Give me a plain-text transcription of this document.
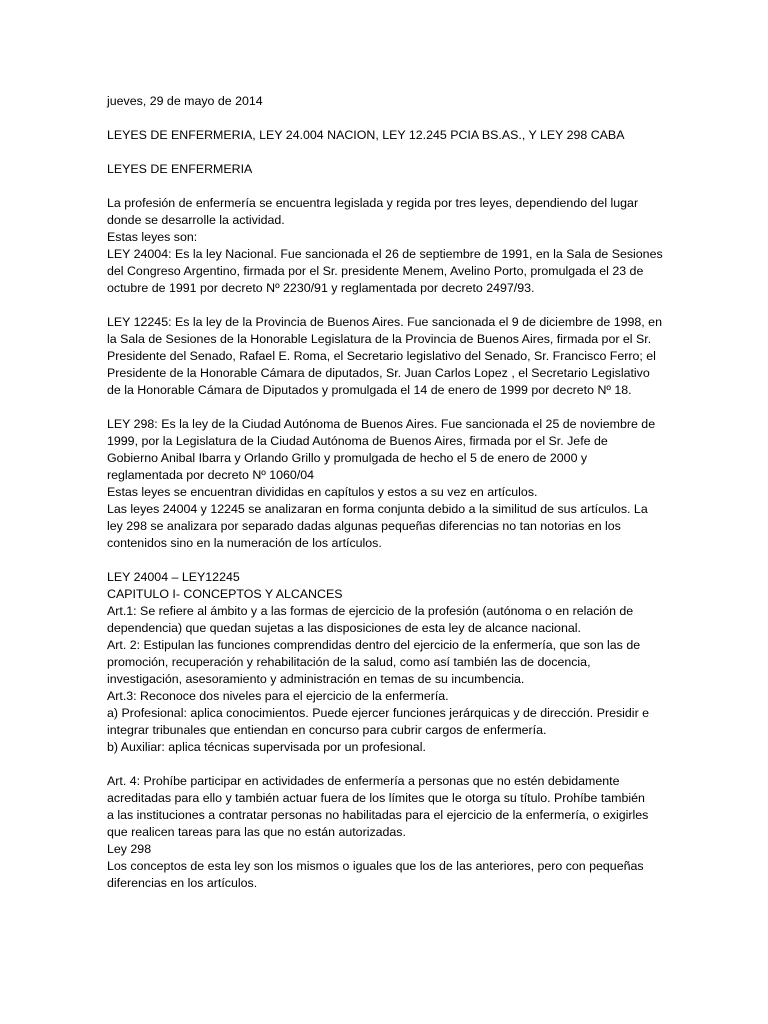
jueves, 29 de mayo de 2014

LEYES DE ENFERMERIA, LEY 24.004 NACION, LEY 12.245 PCIA BS.AS., Y LEY 298 CABA

LEYES DE ENFERMERIA

La profesión de enfermería se encuentra legislada y regida por tres leyes, dependiendo del lugar

donde se desarrolle la actividad.

Estas leyes son:

LEY 24004: Es la ley Nacional. Fue sancionada el 26 de septiembre de 1991, en la Sala de Sesiones

del Congreso Argentino, firmada por el Sr. presidente Menem, Avelino Porto, promulgada el 23 de

octubre de 1991 por decreto Nº 2230/91 y reglamentada por decreto 2497/93.

LEY 12245: Es la ley de la Provincia de Buenos Aires. Fue sancionada el 9 de diciembre de 1998, en

la Sala de Sesiones de la Honorable Legislatura de la Provincia de Buenos Aires, firmada por el Sr.

Presidente del Senado, Rafael E. Roma, el Secretario legislativo del Senado, Sr. Francisco Ferro; el

Presidente de la Honorable Cámara de diputados, Sr. Juan Carlos Lopez , el Secretario Legislativo

de la Honorable Cámara de Diputados y promulgada el 14 de enero de 1999 por decreto Nº 18.

LEY 298: Es la ley de la Ciudad Autónoma de Buenos Aires. Fue sancionada el 25 de noviembre de

1999, por la Legislatura de la Ciudad Autónoma de Buenos Aires, firmada por el Sr. Jefe de

Gobierno Anibal Ibarra y Orlando Grillo y promulgada de hecho el 5 de enero de 2000 y

reglamentada por decreto Nº 1060/04

Estas leyes se encuentran divididas en capítulos y estos a su vez en artículos.

Las leyes 24004 y 12245 se analizaran en forma conjunta debido a la similitud de sus artículos. La

ley 298 se analizara por separado dadas algunas pequeñas diferencias no tan notorias en los

contenidos sino en la numeración de los artículos.

LEY 24004 – LEY12245

CAPITULO I- CONCEPTOS Y ALCANCES

Art.1: Se refiere al ámbito y a las formas de ejercicio de la profesión (autónoma o en relación de

dependencia) que quedan sujetas a las disposiciones de esta ley de alcance nacional.

Art. 2: Estipulan las funciones comprendidas dentro del ejercicio de la enfermería, que son las de

promoción, recuperación y rehabilitación de la salud, como así también las de docencia,

investigación, asesoramiento y administración en temas de su incumbencia.

Art.3: Reconoce dos niveles para el ejercicio de la enfermería.

a) Profesional: aplica conocimientos. Puede ejercer funciones jerárquicas y de dirección. Presidir e

integrar tribunales que entiendan en concurso para cubrir cargos de enfermería.

b) Auxiliar: aplica técnicas supervisada por un profesional.

Art. 4: Prohíbe participar en actividades de enfermería a personas que no estén debidamente

acreditadas para ello y también actuar fuera de los límites que le otorga su título. Prohíbe también

a las instituciones a contratar personas no habilitadas para el ejercicio de la enfermería, o exigirles

que realicen tareas para las que no están autorizadas.

Ley 298

Los conceptos de esta ley son los mismos o iguales que los de las anteriores, pero con pequeñas

diferencias en los artículos.
